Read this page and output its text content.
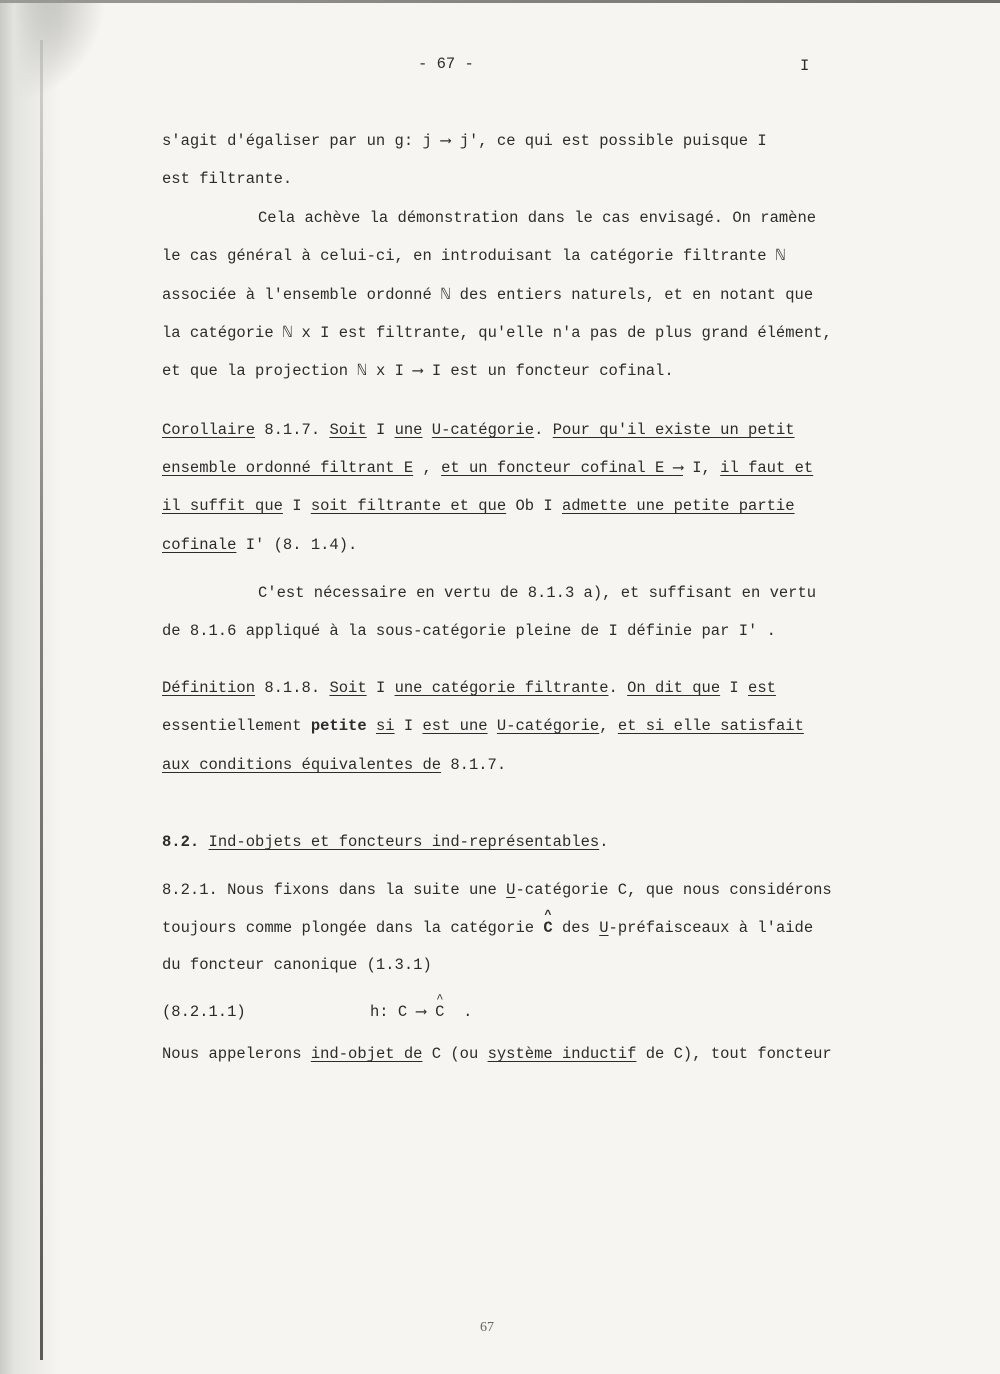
- 67 -	I
s'agit d'égaliser par un g: j ⟶ j', ce qui est possible puisque I
est filtrante.
Cela achève la démonstration dans le cas envisagé. On ramène
le cas général à celui-ci, en introduisant la catégorie filtrante ℕ
associée à l'ensemble ordonné ℕ des entiers naturels, et en notant que
la catégorie ℕ x I est filtrante, qu'elle n'a pas de plus grand élément,
et que la projection ℕ x I ⟶ I est un foncteur cofinal.
Corollaire 8.1.7. Soit I une U-catégorie. Pour qu'il existe un petit
ensemble ordonné filtrant E , et un foncteur cofinal E ⟶ I, il faut et
il suffit que I soit filtrante et que Ob I admette une petite partie
cofinale I' (8. 1.4).
C'est nécessaire en vertu de 8.1.3 a), et suffisant en vertu
de 8.1.6 appliqué à la sous-catégorie pleine de I définie par I' .
Définition 8.1.8. Soit I une catégorie filtrante. On dit que I est
essentiellement petite si I est une U-catégorie, et si elle satisfait
aux conditions équivalentes de 8.1.7.
8.2. Ind-objets et foncteurs ind-représentables.
8.2.1. Nous fixons dans la suite une U-catégorie C, que nous considérons
toujours comme plongée dans la catégorie ^ C des U-préfaisceaux à l'aide
du foncteur canonique (1.3.1)
(8.2.1.1)	h: C ⟶ ^ C  .
Nous appelerons ind-objet de C (ou système inductif de C), tout foncteur
67
